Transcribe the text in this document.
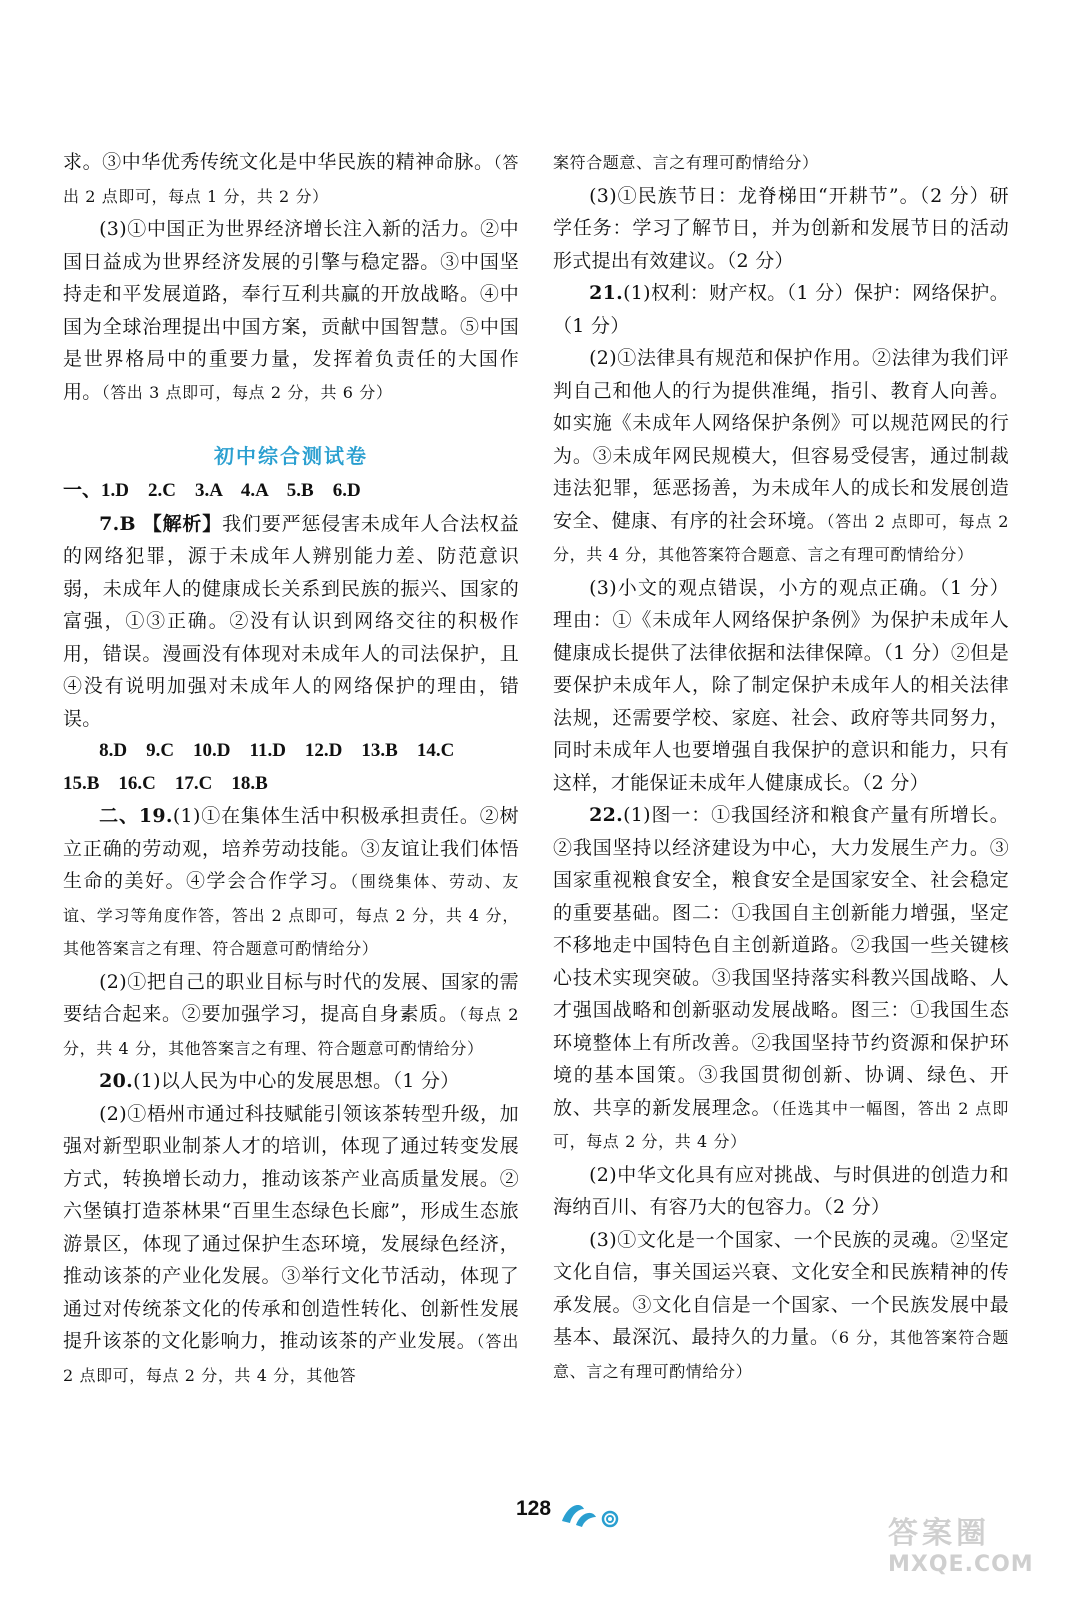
求。③中华优秀传统文化是中华民族的精神命脉。（答出 2 点即可，每点 1 分，共 2 分）

(3)①中国正为世界经济增长注入新的活力。②中国日益成为世界经济发展的引擎与稳定器。③中国坚持走和平发展道路，奉行互利共赢的开放战略。④中国为全球治理提出中国方案，贡献中国智慧。⑤中国是世界格局中的重要力量，发挥着负责任的大国作用。（答出 3 点即可，每点 2 分，共 6 分）

初中综合测试卷

一、1.D　2.C　3.A　4.A　5.B　6.D

7.B 【解析】我们要严惩侵害未成年人合法权益的网络犯罪，源于未成年人辨别能力差、防范意识弱，未成年人的健康成长关系到民族的振兴、国家的富强，①③正确。②没有认识到网络交往的积极作用，错误。漫画没有体现对未成年人的司法保护，且④没有说明加强对未成年人的网络保护的理由，错误。

8.D　9.C　10.D　11.D　12.D　13.B　14.C

15.B　16.C　17.C　18.B

二、19.(1)①在集体生活中积极承担责任。②树立正确的劳动观，培养劳动技能。③友谊让我们体悟生命的美好。④学会合作学习。（围绕集体、劳动、友谊、学习等角度作答，答出 2 点即可，每点 2 分，共 4 分，其他答案言之有理、符合题意可酌情给分）

(2)①把自己的职业目标与时代的发展、国家的需要结合起来。②要加强学习，提高自身素质。（每点 2 分，共 4 分，其他答案言之有理、符合题意可酌情给分）

20.(1)以人民为中心的发展思想。（1 分）

(2)①梧州市通过科技赋能引领该茶转型升级，加强对新型职业制茶人才的培训，体现了通过转变发展方式，转换增长动力，推动该茶产业高质量发展。②六堡镇打造茶林果“百里生态绿色长廊”，形成生态旅游景区，体现了通过保护生态环境，发展绿色经济，推动该茶的产业化发展。③举行文化节活动，体现了通过对传统茶文化的传承和创造性转化、创新性发展提升该茶的文化影响力，推动该茶的产业发展。（答出 2 点即可，每点 2 分，共 4 分，其他答

案符合题意、言之有理可酌情给分）

(3)①民族节日：龙脊梯田“开耕节”。（2 分）研学任务：学习了解节日，并为创新和发展节日的活动形式提出有效建议。（2 分）

21.(1)权利：财产权。（1 分）保护：网络保护。（1 分）

(2)①法律具有规范和保护作用。②法律为我们评判自己和他人的行为提供准绳，指引、教育人向善。如实施《未成年人网络保护条例》可以规范网民的行为。③未成年网民规模大，但容易受侵害，通过制裁违法犯罪，惩恶扬善，为未成年人的成长和发展创造安全、健康、有序的社会环境。（答出 2 点即可，每点 2 分，共 4 分，其他答案符合题意、言之有理可酌情给分）

(3)小文的观点错误，小方的观点正确。（1 分）理由：①《未成年人网络保护条例》为保护未成年人健康成长提供了法律依据和法律保障。（1 分）②但是要保护未成年人，除了制定保护未成年人的相关法律法规，还需要学校、家庭、社会、政府等共同努力，同时未成年人也要增强自我保护的意识和能力，只有这样，才能保证未成年人健康成长。（2 分）

22.(1)图一：①我国经济和粮食产量有所增长。②我国坚持以经济建设为中心，大力发展生产力。③国家重视粮食安全，粮食安全是国家安全、社会稳定的重要基础。图二：①我国自主创新能力增强，坚定不移地走中国特色自主创新道路。②我国一些关键核心技术实现突破。③我国坚持落实科教兴国战略、人才强国战略和创新驱动发展战略。图三：①我国生态环境整体上有所改善。②我国坚持节约资源和保护环境的基本国策。③我国贯彻创新、协调、绿色、开放、共享的新发展理念。（任选其中一幅图，答出 2 点即可，每点 2 分，共 4 分）

(2)中华文化具有应对挑战、与时俱进的创造力和海纳百川、有容乃大的包容力。（2 分）

(3)①文化是一个国家、一个民族的灵魂。②坚定文化自信，事关国运兴衰、文化安全和民族精神的传承发展。③文化自信是一个国家、一个民族发展中最基本、最深沉、最持久的力量。（6 分，其他答案符合题意、言之有理可酌情给分）

128
答案圈
MXQE.COM
